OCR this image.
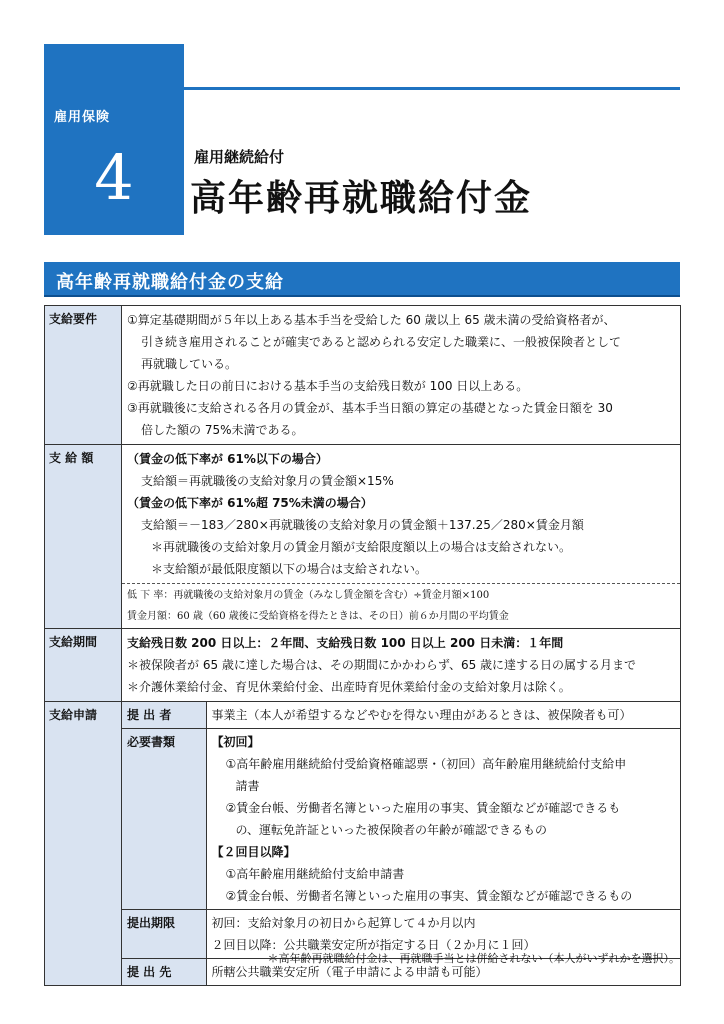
雇用保険
4	雇用継続給付
高年齢再就職給付金
高年齢再就職給付金の支給
支給要件	①算定基礎期間が５年以上ある基本手当を受給した 60 歳以上 65 歳未満の受給資格者が、
引き続き雇用されることが確実であると認められる安定した職業に、一般被保険者として
再就職している。
②再就職した日の前日における基本手当の支給残日数が 100 日以上ある。
③再就職後に支給される各月の賃金が、基本手当日額の算定の基礎となった賃金日額を 30
倍した額の 75%未満である。

支 給 額	（賃金の低下率が 61%以下の場合）
支給額＝再就職後の支給対象月の賃金額×15%
（賃金の低下率が 61%超 75%未満の場合）
支給額＝－183／280×再就職後の支給対象月の賃金額＋137.25／280×賃金月額
＊再就職後の支給対象月の賃金月額が支給限度額以上の場合は支給されない。
＊支給額が最低限度額以下の場合は支給されない。
低 下 率：再就職後の支給対象月の賃金（みなし賃金額を含む）÷賃金月額×100
賃金月額：60 歳（60 歳後に受給資格を得たときは、その日）前６か月間の平均賃金

支給期間	支給残日数 200 日以上：２年間、支給残日数 100 日以上 200 日未満：１年間
＊被保険者が 65 歳に達した場合は、その期間にかかわらず、65 歳に達する日の属する月まで
＊介護休業給付金、育児休業給付金、出産時育児休業給付金の支給対象月は除く。

支給申請	提 出 者	事業主（本人が希望するなどやむを得ない理由があるときは、被保険者も可）

必要書類	【初回】
①高年齢雇用継続給付受給資格確認票・（初回）高年齢雇用継続給付支給申
請書
②賃金台帳、労働者名簿といった雇用の事実、賃金額などが確認できるも
の、運転免許証といった被保険者の年齢が確認できるもの
【２回目以降】
①高年齢雇用継続給付支給申請書
②賃金台帳、労働者名簿といった雇用の事実、賃金額などが確認できるもの

提出期限	初回：支給対象月の初日から起算して４か月以内
２回目以降：公共職業安定所が指定する日（２か月に１回）

提 出 先	所轄公共職業安定所（電子申請による申請も可能）
＊高年齢再就職給付金は、再就職手当とは併給されない（本人がいずれかを選択）。
